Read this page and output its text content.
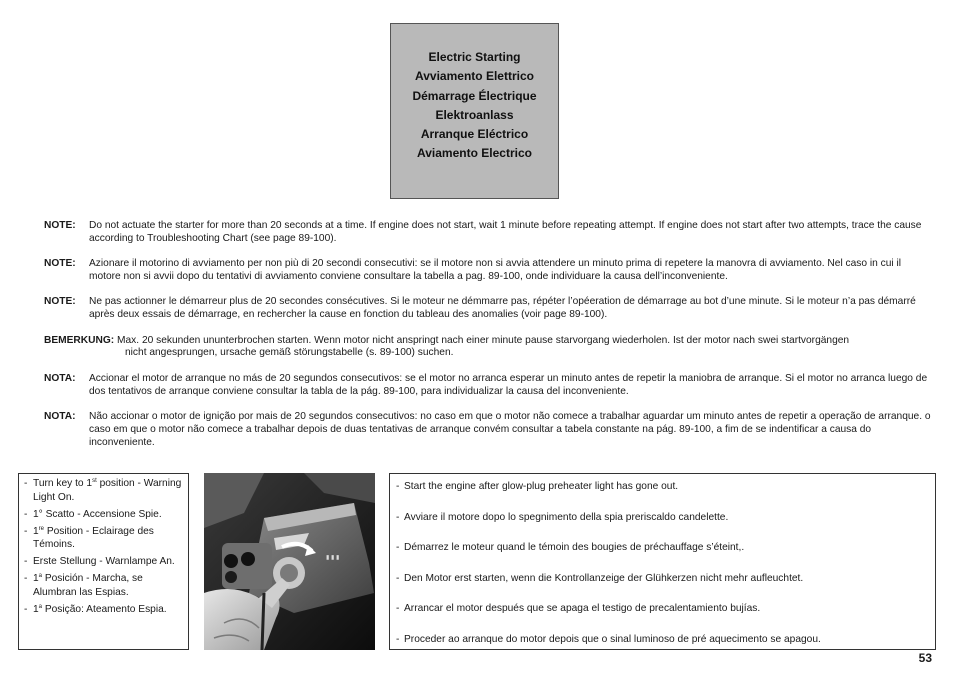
Electric Starting
Avviamento Elettrico
Démarrage Électrique
Elektroanlass
Arranque Eléctrico
Aviamento Electrico
NOTE:	Do not actuate the starter for more than 20 seconds at a time. If engine does not start, wait 1 minute before repeating attempt. If engine does not start after two attempts, trace the cause according to Troubleshooting Chart (see page 89-100).
NOTE:	Azionare il motorino di avviamento per non più di 20 secondi consecutivi: se il motore non si avvia attendere un minuto prima di repetere la manovra di avviamento. Nel caso in cui il motore non si avvii dopo du tentativi di avviamento conviene consultare la tabella a pag. 89-100, onde individuare la causa dell’inconveniente.
NOTE:	Ne pas actionner le démarreur plus de 20 secondes consécutives. Si le moteur ne démmarre pas, répéter l’opéeration de démarrage au bot d’une minute. Si le moteur n’a pas démarré après deux essais de démarrage, en rechercher la cause en fonction du tableau des anomalies (voir page 89-100).
BEMERKUNG: Max. 20 sekunden ununterbrochen starten. Wenn motor nicht anspringt nach einer minute pause starvorgang wiederholen. Ist der motor nach swei startvorgängen
nicht angesprungen, ursache gemäß störungstabelle (s. 89-100) suchen.
NOTA:	Accionar el motor de arranque no más de 20 segundos consecutivos: se el motor no arranca esperar un minuto antes de repetir la maniobra de arranque. Si el motor no arranca luego de dos tentativos de arranque conviene consultar la tabla de la pág. 89-100, para individualizar la causa del inconveniente.
NOTA:	Não accionar o motor de ignição por mais de 20 segundos consecutivos: no caso em que o motor não comece a trabalhar aguardar um minuto antes de repetir a operação de arranque. o caso em que o motor não comece a trabalhar depois de duas tentativas de arranque convém consultar a tabela constante na pág. 89-100, a fim de se indentificar a causa do inconveniente.
- Turn key to 1st position - Warning Light On.
- 1° Scatto - Accensione Spie.
- 1re Position - Eclairage des Témoins.
- Erste Stellung - Warnlampe An.
- 1$^a$ Posición - Marcha, se Alumbran las Espias.
- 1$^a$ Posição: Ateamento Espia.
▮ ▮ ▮
- Start the engine after glow-plug preheater light has gone out.
- Avviare il motore dopo lo spegnimento della spia preriscaldo candelette.
- Démarrez le moteur quand le témoin des bougies de préchauffage s’éteint,.
- Den Motor erst starten, wenn die Kontrollanzeige der Glühkerzen nicht mehr aufleuchtet.
- Arrancar el motor después que se apaga el testigo de precalentamiento bujías.
- Proceder ao arranque do motor depois que o sinal luminoso de pré aquecimento se apagou.
53
